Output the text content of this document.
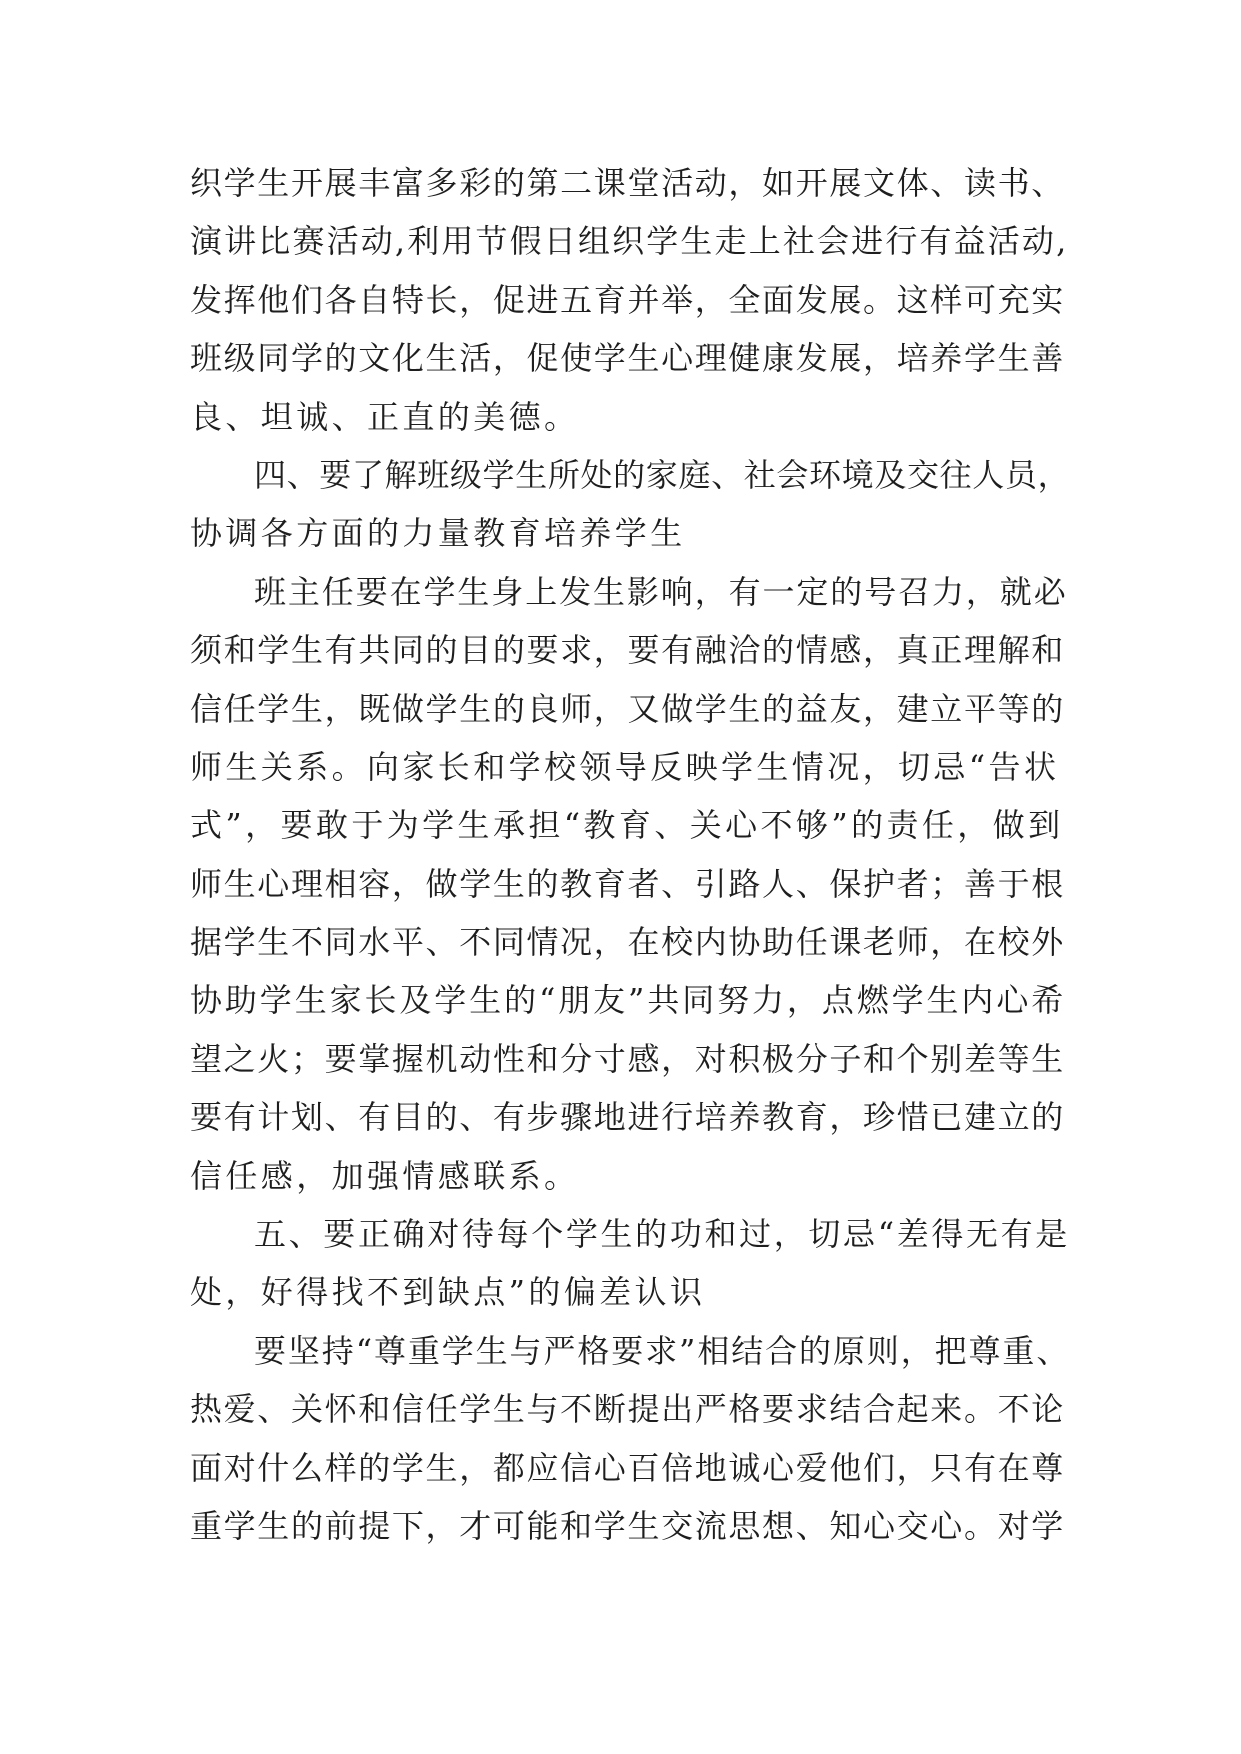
织学生开展丰富多彩的第二课堂活动，如开展文体、读书、
演讲比赛活动,利用节假日组织学生走上社会进行有益活动,
发挥他们各自特长，促进五育并举，全面发展。这样可充实
班级同学的文化生活，促使学生心理健康发展，培养学生善
良、坦诚、正直的美德。
四、要了解班级学生所处的家庭、社会环境及交往人员，
协调各方面的力量教育培养学生
班主任要在学生身上发生影响，有一定的号召力，就必
须和学生有共同的目的要求，要有融洽的情感，真正理解和
信任学生，既做学生的良师，又做学生的益友，建立平等的
师生关系。向家长和学校领导反映学生情况，切忌“告状
式”，要敢于为学生承担“教育、关心不够”的责任，做到
师生心理相容，做学生的教育者、引路人、保护者；善于根
据学生不同水平、不同情况，在校内协助任课老师，在校外
协助学生家长及学生的“朋友”共同努力，点燃学生内心希
望之火；要掌握机动性和分寸感，对积极分子和个别差等生
要有计划、有目的、有步骤地进行培养教育，珍惜已建立的
信任感，加强情感联系。
五、要正确对待每个学生的功和过，切忌“差得无有是
处，好得找不到缺点”的偏差认识
要坚持“尊重学生与严格要求”相结合的原则，把尊重、
热爱、关怀和信任学生与不断提出严格要求结合起来。不论
面对什么样的学生，都应信心百倍地诚心爱他们，只有在尊
重学生的前提下，才可能和学生交流思想、知心交心。对学
